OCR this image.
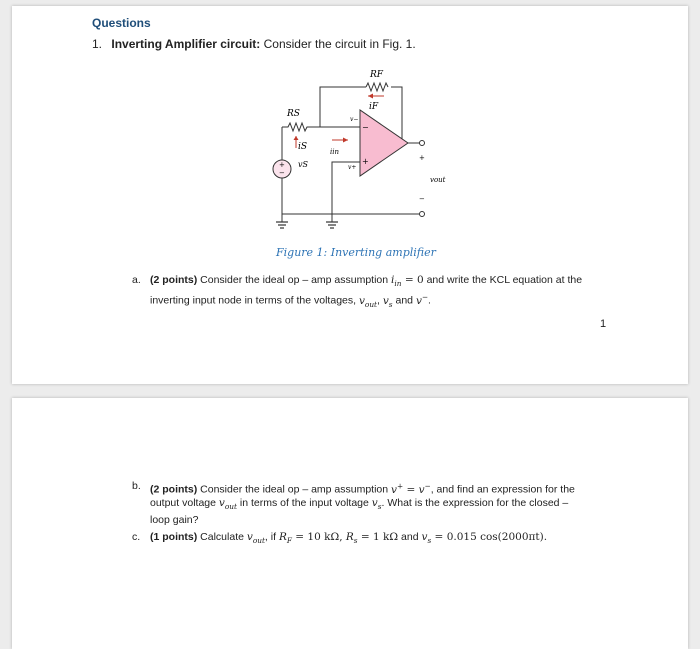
Questions
1. Inverting Amplifier circuit: Consider the circuit in Fig. 1.
RF
iF
RS
iS
vS
+
−
iin
v−
−
v+
+	+
vout
−
Figure 1: Inverting amplifier
a. (2 points) Consider the ideal op – amp assumption $i_{in} = 0$ and write the KCL equation at the
inverting input node in terms of the voltages, $v_{out}$, $v_s$ and v−.
1
b. (2 points) Consider the ideal op – amp assumption v+ = v−, and find an expression for the
output voltage $v_{out}$ in terms of the input voltage $v_s$. What is the expression for the closed –
loop gain?
c. (1 points) Calculate $v_{out}$, if $R_F = 10$ kΩ, $R_s = 1$ kΩ and $v_s = 0.015$ cos(2000πt).
